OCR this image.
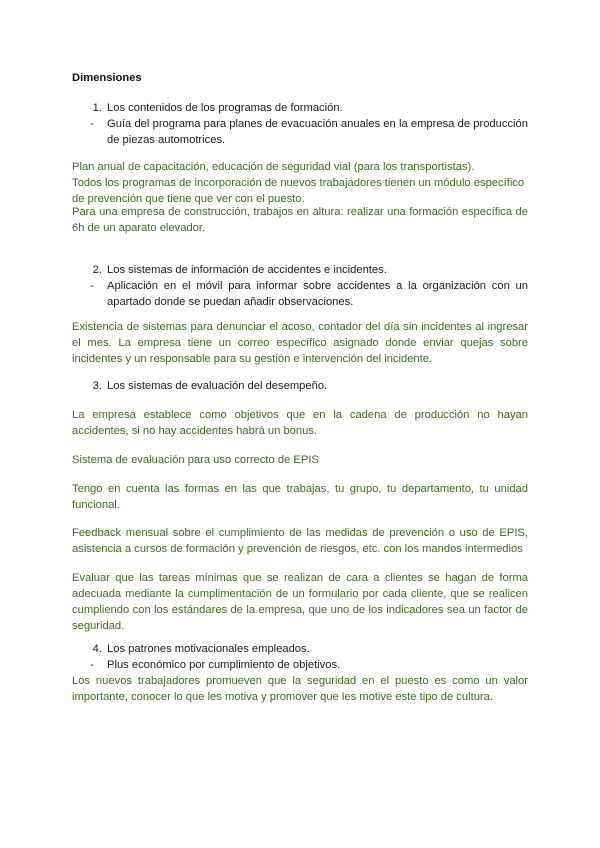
Dimensiones

1. Los contenidos de los programas de formación.
- Guía del programa para planes de evacuación anuales en la empresa de producción de piezas automotrices.

Plan anual de capacitación, educación de seguridad vial (para los transportistas).

Todos los programas de incorporación de nuevos trabajadores tienen un módulo específico de prevención que tiene que ver con el puesto.

Para una empresa de construcción, trabajos en altura: realizar una formación específica de 6h de un aparato elevador.

2. Los sistemas de información de accidentes e incidentes.
- Aplicación en el móvil para informar sobre accidentes a la organización con un apartado donde se puedan añadir observaciones.

Existencia de sistemas para denunciar el acoso, contador del día sin incidentes al ingresar el mes. La empresa tiene un correo específico asignado donde enviar quejas sobre incidentes y un responsable para su gestión e intervención del incidente.

3. Los sistemas de evaluación del desempeño.

La empresa establece como objetivos que en la cadena de producción no hayan accidentes, si no hay accidentes habrá un bonus.

Sistema de evaluación para uso correcto de EPIS

Tengo en cuenta las formas en las que trabajas, tu grupo, tu departamento, tu unidad funcional.

Feedback mensual sobre el cumplimiento de las medidas de prevención o uso de EPIS, asistencia a cursos de formación y prevención de riesgos, etc. con los mandos intermedios

Evaluar que las tareas mínimas que se realizan de cara a clientes se hagan de forma adecuada mediante la cumplimentación de un formulario por cada cliente, que se realicen cumpliendo con los estándares de la empresa, que uno de los indicadores sea un factor de seguridad.

4. Los patrones motivacionales empleados.
- Plus económico por cumplimiento de objetivos.

Los nuevos trabajadores promueven que la seguridad en el puesto es como un valor importante, conocer lo que les motiva y promover que les motive este tipo de cultura.
